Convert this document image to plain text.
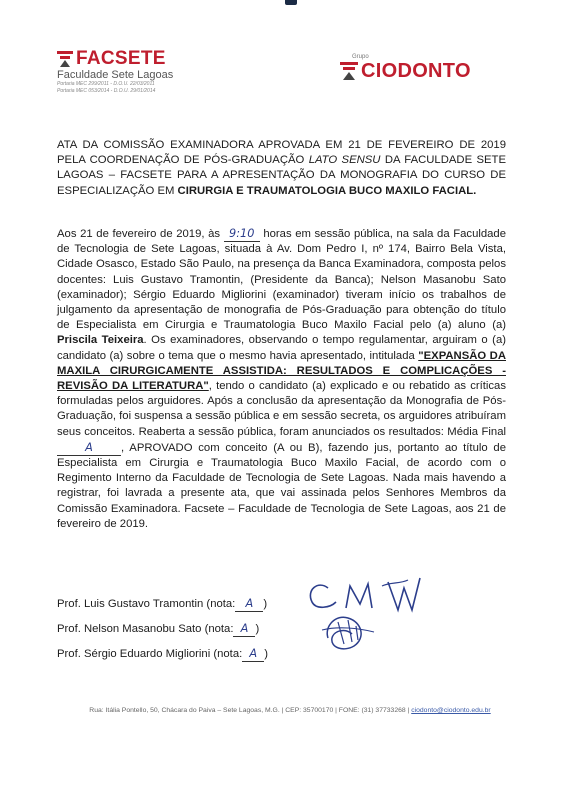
FACSETE
Faculdade Sete Lagoas
Portaria MEC 299/2011 - D.O.U. 22/03/2011
Portaria MEC 053/2014 - D.O.U. 29/01/2014
Grupo
CIODONTO
ATA DA COMISSÃO EXAMINADORA APROVADA EM 21 DE FEVEREIRO DE 2019 PELA COORDENAÇÃO DE PÓS-GRADUAÇÃO LATO SENSU DA FACULDADE SETE LAGOAS – FACSETE PARA A APRESENTAÇÃO DA MONOGRAFIA DO CURSO DE ESPECIALIZAÇÃO EM CIRURGIA E TRAUMATOLOGIA BUCO MAXILO FACIAL.
Aos 21 de fevereiro de 2019, às 9:10 horas em sessão pública, na sala da Faculdade de Tecnologia de Sete Lagoas, situada à Av. Dom Pedro I, nº 174, Bairro Bela Vista, Cidade Osasco, Estado São Paulo, na presença da Banca Examinadora, composta pelos docentes: Luis Gustavo Tramontin, (Presidente da Banca); Nelson Masanobu Sato (examinador); Sérgio Eduardo Migliorini (examinador) tiveram início os trabalhos de julgamento da apresentação de monografia de Pós-Graduação para obtenção do título de Especialista em Cirurgia e Traumatologia Buco Maxilo Facial pelo (a) aluno (a) Priscila Teixeira. Os examinadores, observando o tempo regulamentar, arguiram o (a) candidato (a) sobre o tema que o mesmo havia apresentado, intitulada "EXPANSÃO DA MAXILA CIRURGICAMENTE ASSISTIDA: RESULTADOS E COMPLICAÇÕES - REVISÃO DA LITERATURA", tendo o candidato (a) explicado e ou rebatido as críticas formuladas pelos arguidores. Após a conclusão da apresentação da Monografia de Pós-Graduação, foi suspensa a sessão pública e em sessão secreta, os arguidores atribuíram seus conceitos. Reaberta a sessão pública, foram anunciados os resultados: Média Final A , APROVADO com conceito (A ou B), fazendo jus, portanto ao título de Especialista em Cirurgia e Traumatologia Buco Maxilo Facial, de acordo com o Regimento Interno da Faculdade de Tecnologia de Sete Lagoas. Nada mais havendo a registrar, foi lavrada a presente ata, que vai assinada pelos Senhores Membros da Comissão Examinadora. Facsete – Faculdade de Tecnologia de Sete Lagoas, aos 21 de fevereiro de 2019.
Prof. Luis Gustavo Tramontin (nota: A )
Prof. Nelson Masanobu Sato (nota: A )
Prof. Sérgio Eduardo Migliorini (nota: A )
Rua: Itália Pontello, 50, Chácara do Paiva – Sete Lagoas, M.G. | CEP: 35700170 | FONE: (31) 37733268 | ciodonto@ciodonto.edu.br
